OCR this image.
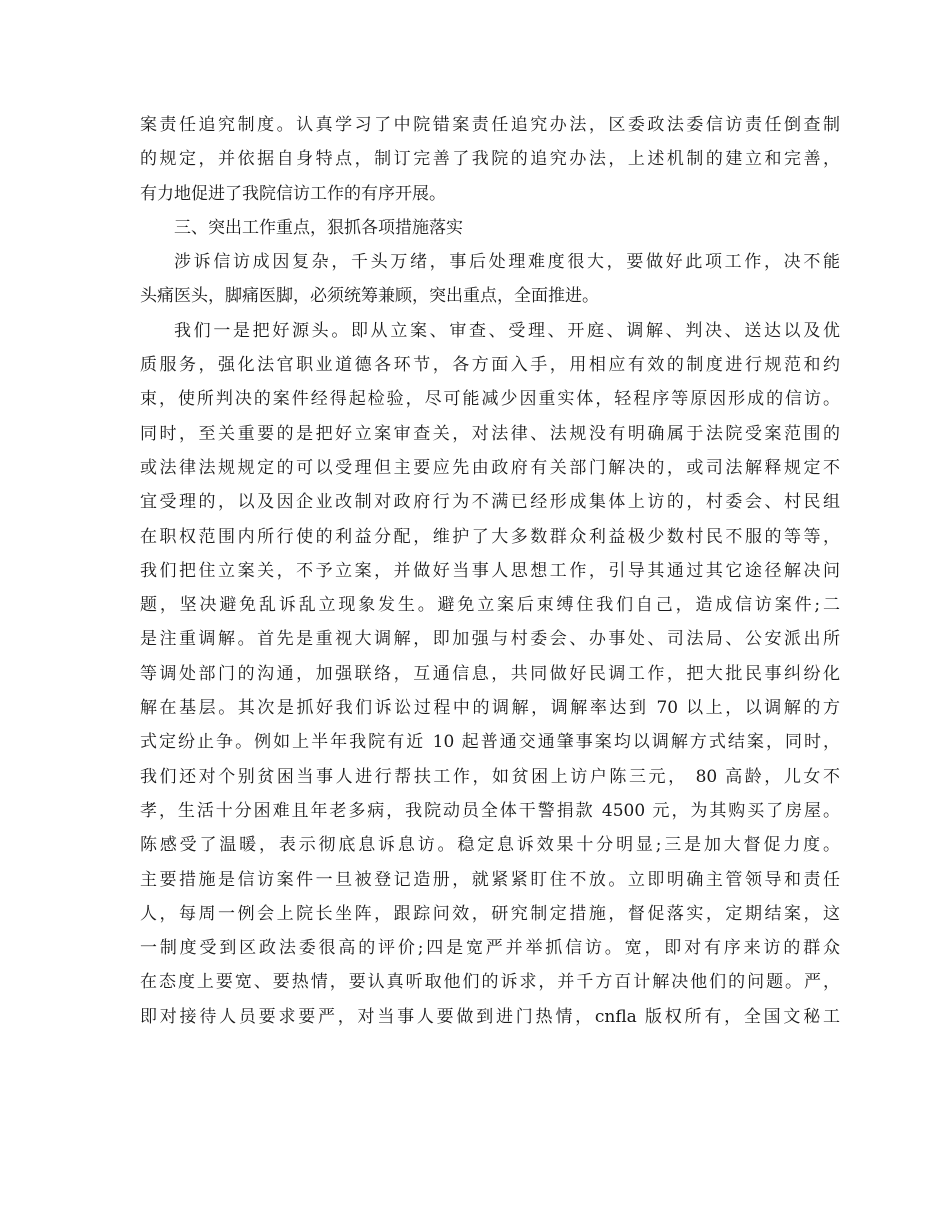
案责任追究制度。认真学习了中院错案责任追究办法，区委政法委信访责任倒查制
的规定，并依据自身特点，制订完善了我院的追究办法，上述机制的建立和完善，
有力地促进了我院信访工作的有序开展。
三、突出工作重点，狠抓各项措施落实
涉诉信访成因复杂，千头万绪，事后处理难度很大，要做好此项工作，决不能
头痛医头，脚痛医脚，必须统筹兼顾，突出重点，全面推进。
我们一是把好源头。即从立案、审查、受理、开庭、调解、判决、送达以及优
质服务，强化法官职业道德各环节，各方面入手，用相应有效的制度进行规范和约
束，使所判决的案件经得起检验，尽可能减少因重实体，轻程序等原因形成的信访。
同时，至关重要的是把好立案审查关，对法律、法规没有明确属于法院受案范围的
或法律法规规定的可以受理但主要应先由政府有关部门解决的，或司法解释规定不
宜受理的，以及因企业改制对政府行为不满已经形成集体上访的，村委会、村民组
在职权范围内所行使的利益分配，维护了大多数群众利益极少数村民不服的等等，
我们把住立案关，不予立案，并做好当事人思想工作，引导其通过其它途径解决问
题，坚决避免乱诉乱立现象发生。避免立案后束缚住我们自己，造成信访案件;二
是注重调解。首先是重视大调解，即加强与村委会、办事处、司法局、公安派出所
等调处部门的沟通，加强联络，互通信息，共同做好民调工作，把大批民事纠纷化
解在基层。其次是抓好我们诉讼过程中的调解，调解率达到 70 以上，以调解的方
式定纷止争。例如上半年我院有近 10 起普通交通肇事案均以调解方式结案，同时，
我们还对个别贫困当事人进行帮扶工作，如贫困上访户陈三元， 80 高龄，儿女不
孝，生活十分困难且年老多病，我院动员全体干警捐款 4500 元，为其购买了房屋。
陈感受了温暖，表示彻底息诉息访。稳定息诉效果十分明显;三是加大督促力度。
主要措施是信访案件一旦被登记造册，就紧紧盯住不放。立即明确主管领导和责任
人，每周一例会上院长坐阵，跟踪问效，研究制定措施，督促落实，定期结案，这
一制度受到区政法委很高的评价;四是宽严并举抓信访。宽，即对有序来访的群众
在态度上要宽、要热情，要认真听取他们的诉求，并千方百计解决他们的问题。严，
即对接待人员要求要严，对当事人要做到进门热情，cnfla 版权所有，全国文秘工
